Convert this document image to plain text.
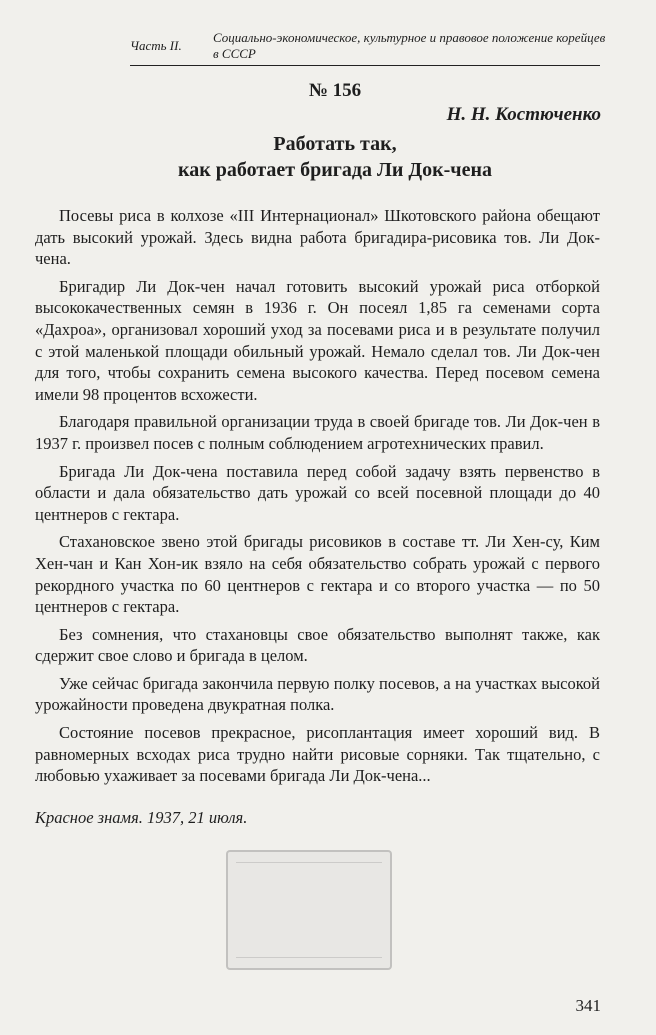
Часть II.
Социально-экономическое, культурное и правовое положение корейцев в СССР
№ 156
Н. Н. Костюченко
Работать так,
как работает бригада Ли Док-чена

Посевы риса в колхозе «III Интернационал» Шкотовского района обещают дать высокий урожай. Здесь видна работа бригадира-рисовика тов. Ли Док-чена.

Бригадир Ли Док-чен начал готовить высокий урожай риса отборкой высококачественных семян в 1936 г. Он посеял 1,85 га семенами сорта «Дахроа», организовал хороший уход за посевами риса и в результате получил с этой маленькой площади обильный урожай. Немало сделал тов. Ли Док-чен для того, чтобы сохранить семена высокого качества. Перед посевом семена имели 98 процентов всхожести.

Благодаря правильной организации труда в своей бригаде тов. Ли Док-чен в 1937 г. произвел посев с полным соблюдением агротехнических правил.

Бригада Ли Док-чена поставила перед собой задачу взять первенство в области и дала обязательство дать урожай со всей посевной площади до 40 центнеров с гектара.

Стахановское звено этой бригады рисовиков в составе тт. Ли Хен-су, Ким Хен-чан и Кан Хон-ик взяло на себя обязательство собрать урожай с первого рекордного участка по 60 центнеров с гектара и со второго участка — по 50 центнеров с гектара.

Без сомнения, что стахановцы свое обязательство выполнят также, как сдержит свое слово и бригада в целом.

Уже сейчас бригада закончила первую полку посевов, а на участках высокой урожайности проведена двукратная полка.

Состояние посевов прекрасное, рисоплантация имеет хороший вид. В равномерных всходах риса трудно найти рисовые сорняки. Так тщательно, с любовью ухаживает за посевами бригада Ли Док-чена...

Красное знамя. 1937, 21 июля.
341
